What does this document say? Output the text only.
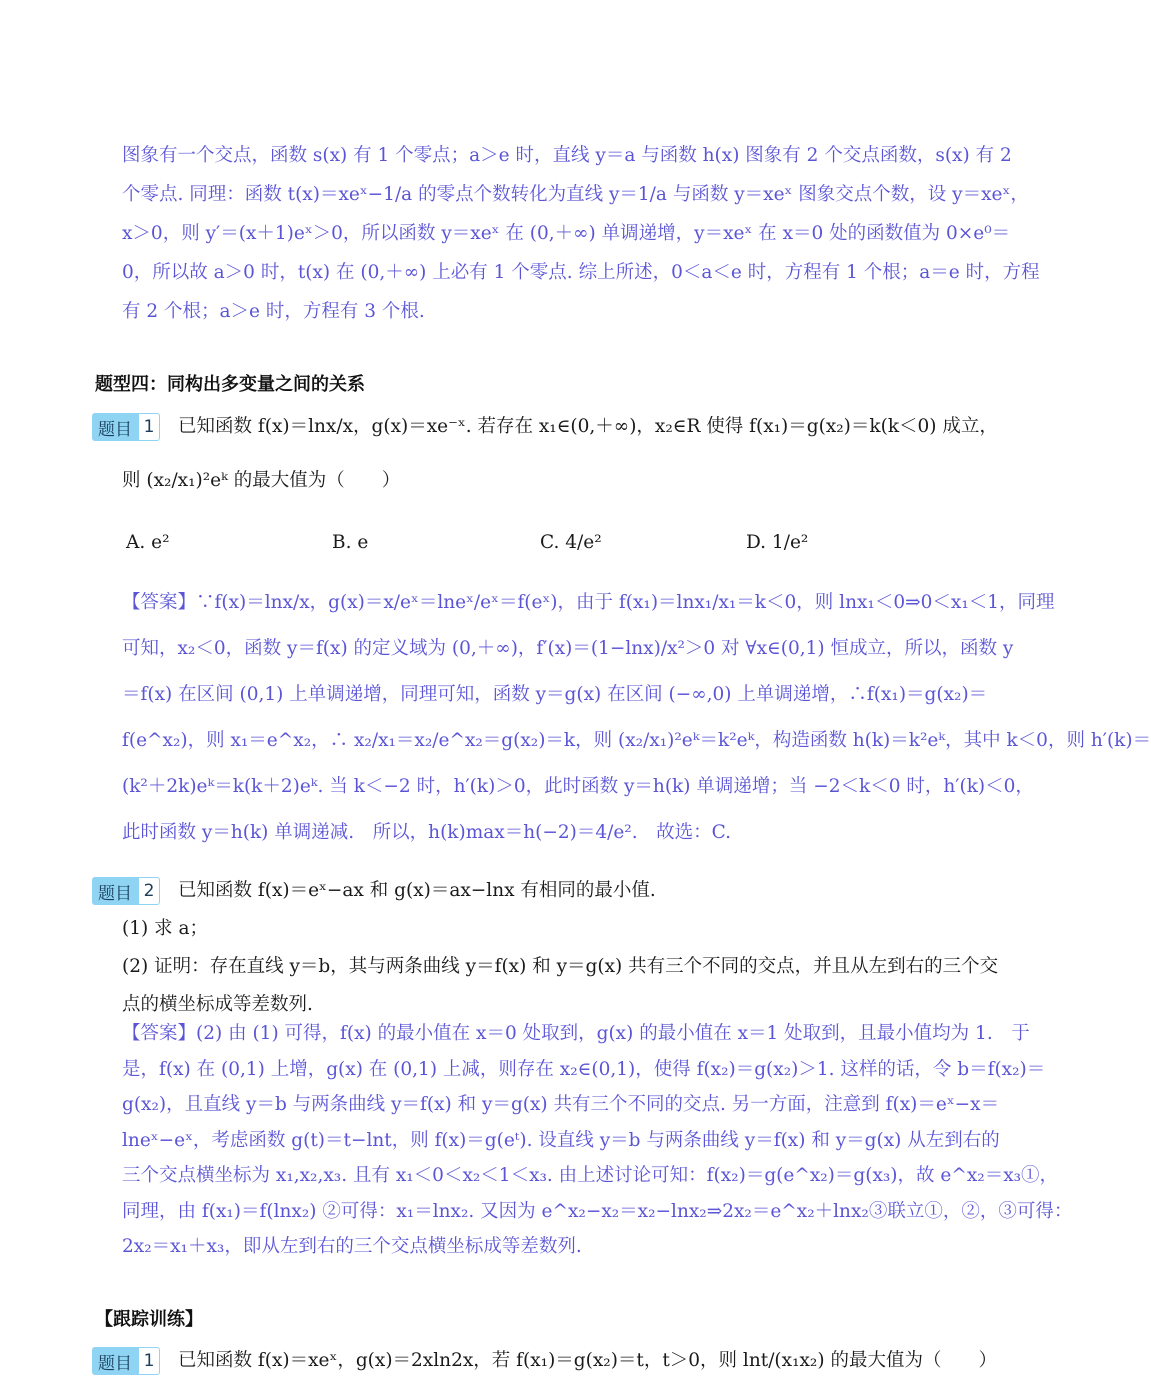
图象有一个交点，函数 s(x) 有 1 个零点；a＞e 时，直线 y＝a 与函数 h(x) 图象有 2 个交点函数，s(x) 有 2
个零点. 同理：函数 t(x)＝xeˣ−1/a 的零点个数转化为直线 y＝1/a 与函数 y＝xeˣ 图象交点个数，设 y＝xeˣ，
x＞0，则 y′＝(x＋1)eˣ＞0，所以函数 y＝xeˣ 在 (0,＋∞) 单调递增，y＝xeˣ 在 x＝0 处的函数值为 0×e⁰＝
0，所以故 a＞0 时，t(x) 在 (0,＋∞) 上必有 1 个零点. 综上所述，0＜a＜e 时，方程有 1 个根；a＝e 时，方程
有 2 个根；a＞e 时，方程有 3 个根.
题型四：同构出多变量之间的关系
题目 1	已知函数 f(x)＝lnx/x，g(x)＝xe⁻ˣ. 若存在 x₁∈(0,＋∞)，x₂∈R 使得 f(x₁)＝g(x₂)＝k(k＜0) 成立，
则 (x₂/x₁)²eᵏ 的最大值为（　　）
A. e²	B. e	C. 4/e²	D. 1/e²
【答案】∵f(x)＝lnx/x，g(x)＝x/eˣ＝lneˣ/eˣ＝f(eˣ)，由于 f(x₁)＝lnx₁/x₁＝k＜0，则 lnx₁＜0⇒0＜x₁＜1，同理
可知，x₂＜0，函数 y＝f(x) 的定义域为 (0,＋∞)，f′(x)＝(1−lnx)/x²＞0 对 ∀x∈(0,1) 恒成立，所以，函数 y
＝f(x) 在区间 (0,1) 上单调递增，同理可知，函数 y＝g(x) 在区间 (−∞,0) 上单调递增，∴f(x₁)＝g(x₂)＝
f(e^x₂)，则 x₁＝e^x₂，∴ x₂/x₁＝x₂/e^x₂＝g(x₂)＝k，则 (x₂/x₁)²eᵏ＝k²eᵏ，构造函数 h(k)＝k²eᵏ，其中 k＜0，则 h′(k)＝
(k²＋2k)eᵏ＝k(k＋2)eᵏ. 当 k＜−2 时，h′(k)＞0，此时函数 y＝h(k) 单调递增；当 −2＜k＜0 时，h′(k)＜0，
此时函数 y＝h(k) 单调递减.　所以，h(k)max＝h(−2)＝4/e².　故选：C.
题目 2	已知函数 f(x)＝eˣ−ax 和 g(x)＝ax−lnx 有相同的最小值.
(1) 求 a；
(2) 证明：存在直线 y＝b，其与两条曲线 y＝f(x) 和 y＝g(x) 共有三个不同的交点，并且从左到右的三个交
点的横坐标成等差数列.
【答案】(2) 由 (1) 可得，f(x) 的最小值在 x＝0 处取到，g(x) 的最小值在 x＝1 处取到，且最小值均为 1.　于
是，f(x) 在 (0,1) 上增，g(x) 在 (0,1) 上减，则存在 x₂∈(0,1)，使得 f(x₂)＝g(x₂)＞1. 这样的话，令 b＝f(x₂)＝
g(x₂)，且直线 y＝b 与两条曲线 y＝f(x) 和 y＝g(x) 共有三个不同的交点. 另一方面，注意到 f(x)＝eˣ−x＝
lneˣ−eˣ，考虑函数 g(t)＝t−lnt，则 f(x)＝g(eᵗ). 设直线 y＝b 与两条曲线 y＝f(x) 和 y＝g(x) 从左到右的
三个交点横坐标为 x₁,x₂,x₃. 且有 x₁＜0＜x₂＜1＜x₃. 由上述讨论可知：f(x₂)＝g(e^x₂)＝g(x₃)，故 e^x₂＝x₃①，
同理，由 f(x₁)＝f(lnx₂) ②可得：x₁＝lnx₂. 又因为 e^x₂−x₂＝x₂−lnx₂⇒2x₂＝e^x₂＋lnx₂③联立①，②，③可得：
2x₂＝x₁＋x₃，即从左到右的三个交点横坐标成等差数列.
【跟踪训练】
题目 1	已知函数 f(x)＝xeˣ，g(x)＝2xln2x，若 f(x₁)＝g(x₂)＝t，t＞0，则 lnt/(x₁x₂) 的最大值为（　　）
